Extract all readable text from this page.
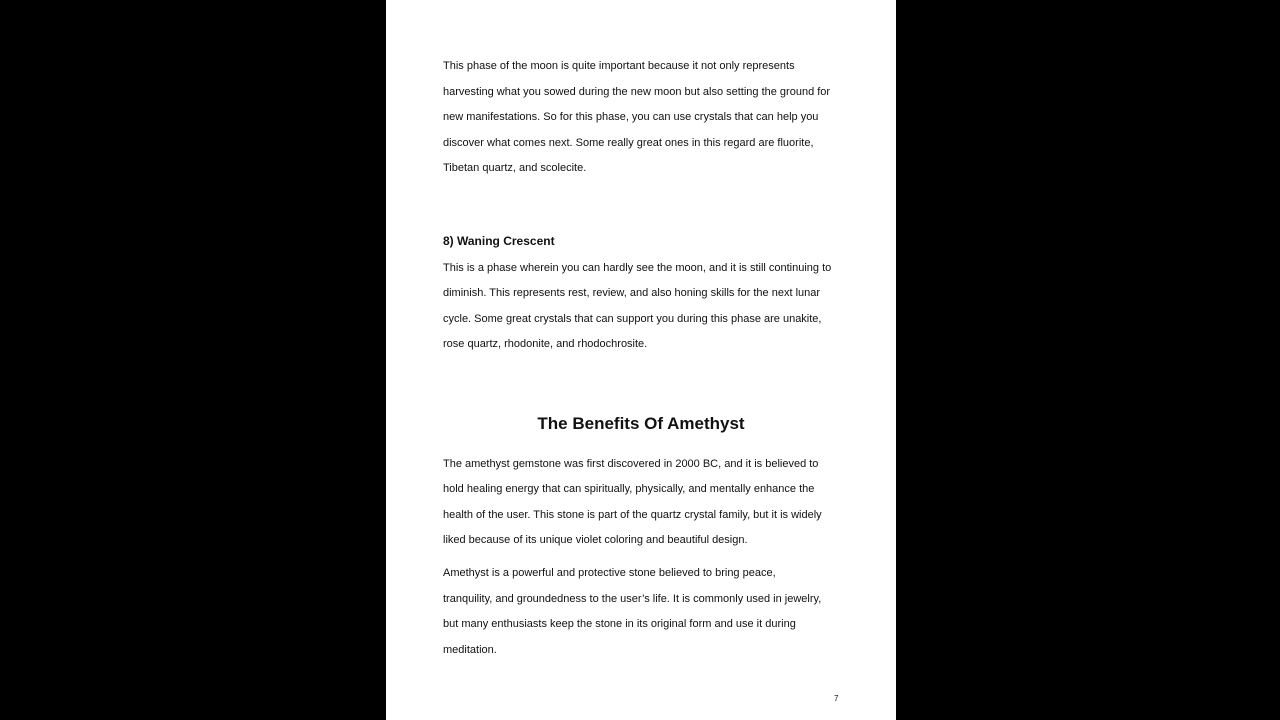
This phase of the moon is quite important because it not only represents

harvesting what you sowed during the new moon but also setting the ground for

new manifestations. So for this phase, you can use crystals that can help you

discover what comes next. Some really great ones in this regard are fluorite,

Tibetan quartz, and scolecite.

8) Waning Crescent

This is a phase wherein you can hardly see the moon, and it is still continuing to

diminish. This represents rest, review, and also honing skills for the next lunar

cycle. Some great crystals that can support you during this phase are unakite,

rose quartz, rhodonite, and rhodochrosite.

The Benefits Of Amethyst

The amethyst gemstone was first discovered in 2000 BC, and it is believed to

hold healing energy that can spiritually, physically, and mentally enhance the

health of the user. This stone is part of the quartz crystal family, but it is widely

liked because of its unique violet coloring and beautiful design.

Amethyst is a powerful and protective stone believed to bring peace,

tranquility, and groundedness to the user’s life. It is commonly used in jewelry,

but many enthusiasts keep the stone in its original form and use it during

meditation.

7
